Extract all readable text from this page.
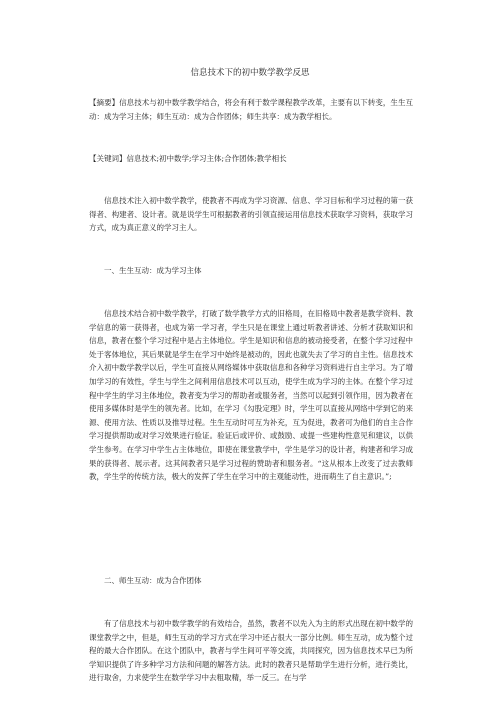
信息技术下的初中数学教学反思

【摘要】信息技术与初中数学教学结合，将会有利于数学课程教学改革，主要有以下转变，生生互动：成为学习主体；师生互动：成为合作团体；师生共享：成为教学相长。

【关键词】信息技术;初中数学;学习主体;合作团体;教学相长

信息技术注入初中数学教学，使教者不再成为学习资源、信息、学习目标和学习过程的第一获得者、构建者、设计者。就是说学生可根据教者的引领直接运用信息技术获取学习资料，获取学习方式，成为真正意义的学习主人。

一、生生互动：成为学习主体

信息技术结合初中数学教学，打破了数学教学方式的旧格局，在旧格局中教者是教学资料、教学信息的第一获得者，也成为第一学习者，学生只是在课堂上通过听教者讲述、分析才获取知识和信息，教者在整个学习过程中是占主体地位。学生是知识和信息的被动接受者，在整个学习过程中处于客体地位，其后果就是学生在学习中始终是被动的，因此也就失去了学习的自主性。信息技术介入初中数学教学以后，学生可直接从网络媒体中获取信息和各种学习资料进行自主学习。为了增加学习的有效性，学生与学生之间利用信息技术可以互动，使学生成为学习的主体。在整个学习过程中学生的学习主体地位，教者变为学习的帮助者或服务者，当然可以起到引领作用，因为教者在使用多媒体时是学生的领先者。比如，在学习《勾股定理》时，学生可以直接从网络中学到它的来源、使用方法、性质以及推导过程。生生互动时可互为补充，互为促进，教者可为他们的自主合作学习提供帮助或对学习效果进行验证。验证后或评价、或鼓励、或提一些建构性意见和建议，以供学生参考。在学习中学生占主体地位，即使在课堂教学中，学生是学习的设计者，构建者和学习成果的获得者、展示者。这其间教者只是学习过程的赞助者和服务者。“这从根本上改变了过去教师教，学生学的传统方法，极大的发挥了学生在学习中的主观能动性，进而萌生了自主意识。”;

二、师生互动：成为合作团体

有了信息技术与初中数学教学的有效结合，虽然，教者不以先入为主的形式出现在初中数学的课堂教学之中，但是，师生互动的学习方式在学习中还占很大一部分比例。师生互动，成为整个过程的最大合作团队。在这个团队中，教者与学生间可平等交流，共同探究，因为信息技术早已为所学知识提供了许多种学习方法和问题的解答方法。此时的教者只是帮助学生进行分析，进行类比，进行取舍，力求使学生在数学学习中去粗取精，举一反三。在与学
